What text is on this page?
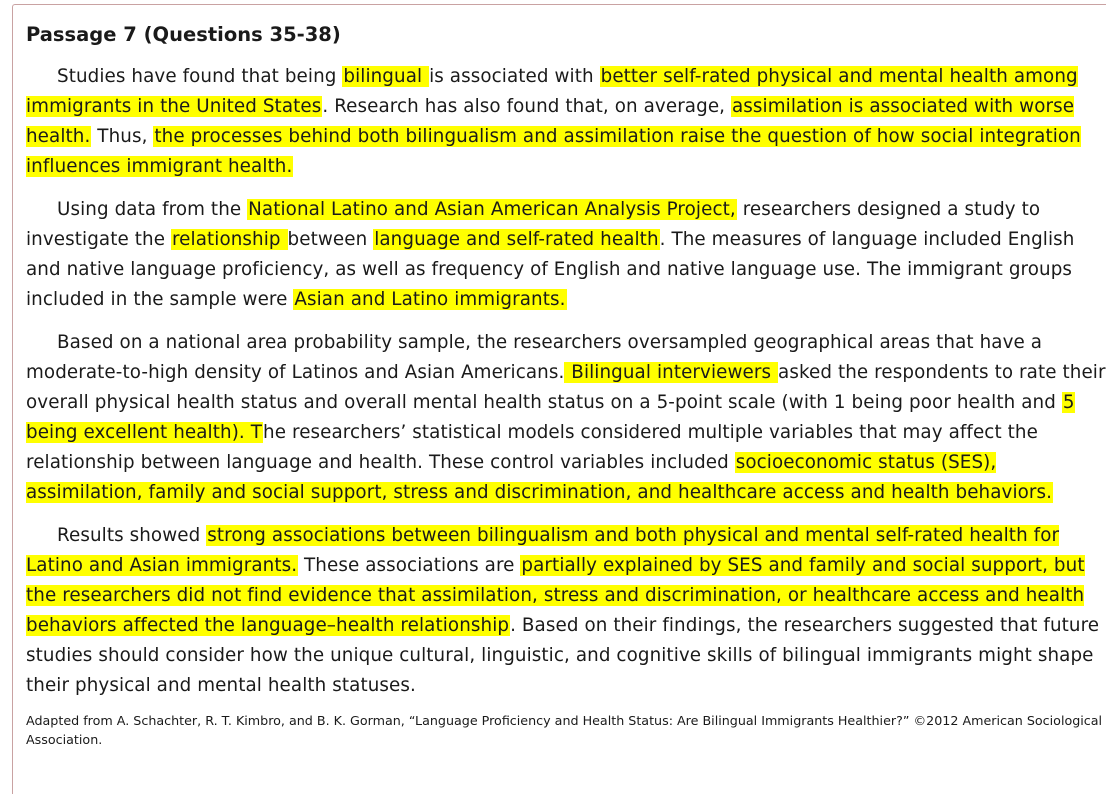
Passage 7 (Questions 35-38)

Studies have found that being bilingual is associated with better self-rated physical and mental health among immigrants in the United States. Research has also found that, on average, assimilation is associated with worse health. Thus, the processes behind both bilingualism and assimilation raise the question of how social integration influences immigrant health.

Using data from the National Latino and Asian American Analysis Project, researchers designed a study to investigate the relationship between language and self-rated health. The measures of language included English and native language proficiency, as well as frequency of English and native language use. The immigrant groups included in the sample were Asian and Latino immigrants.

Based on a national area probability sample, the researchers oversampled geographical areas that have a moderate-to-high density of Latinos and Asian Americans. Bilingual interviewers asked the respondents to rate their overall physical health status and overall mental health status on a 5-point scale (with 1 being poor health and 5 being excellent health). The researchers’ statistical models considered multiple variables that may affect the relationship between language and health. These control variables included socioeconomic status (SES), assimilation, family and social support, stress and discrimination, and healthcare access and health behaviors.

Results showed strong associations between bilingualism and both physical and mental self-rated health for Latino and Asian immigrants. These associations are partially explained by SES and family and social support, but the researchers did not find evidence that assimilation, stress and discrimination, or healthcare access and health behaviors affected the language–health relationship. Based on their findings, the researchers suggested that future studies should consider how the unique cultural, linguistic, and cognitive skills of bilingual immigrants might shape their physical and mental health statuses.

Adapted from A. Schachter, R. T. Kimbro, and B. K. Gorman, “Language Proficiency and Health Status: Are Bilingual Immigrants Healthier?” ©2012 American Sociological Association.
